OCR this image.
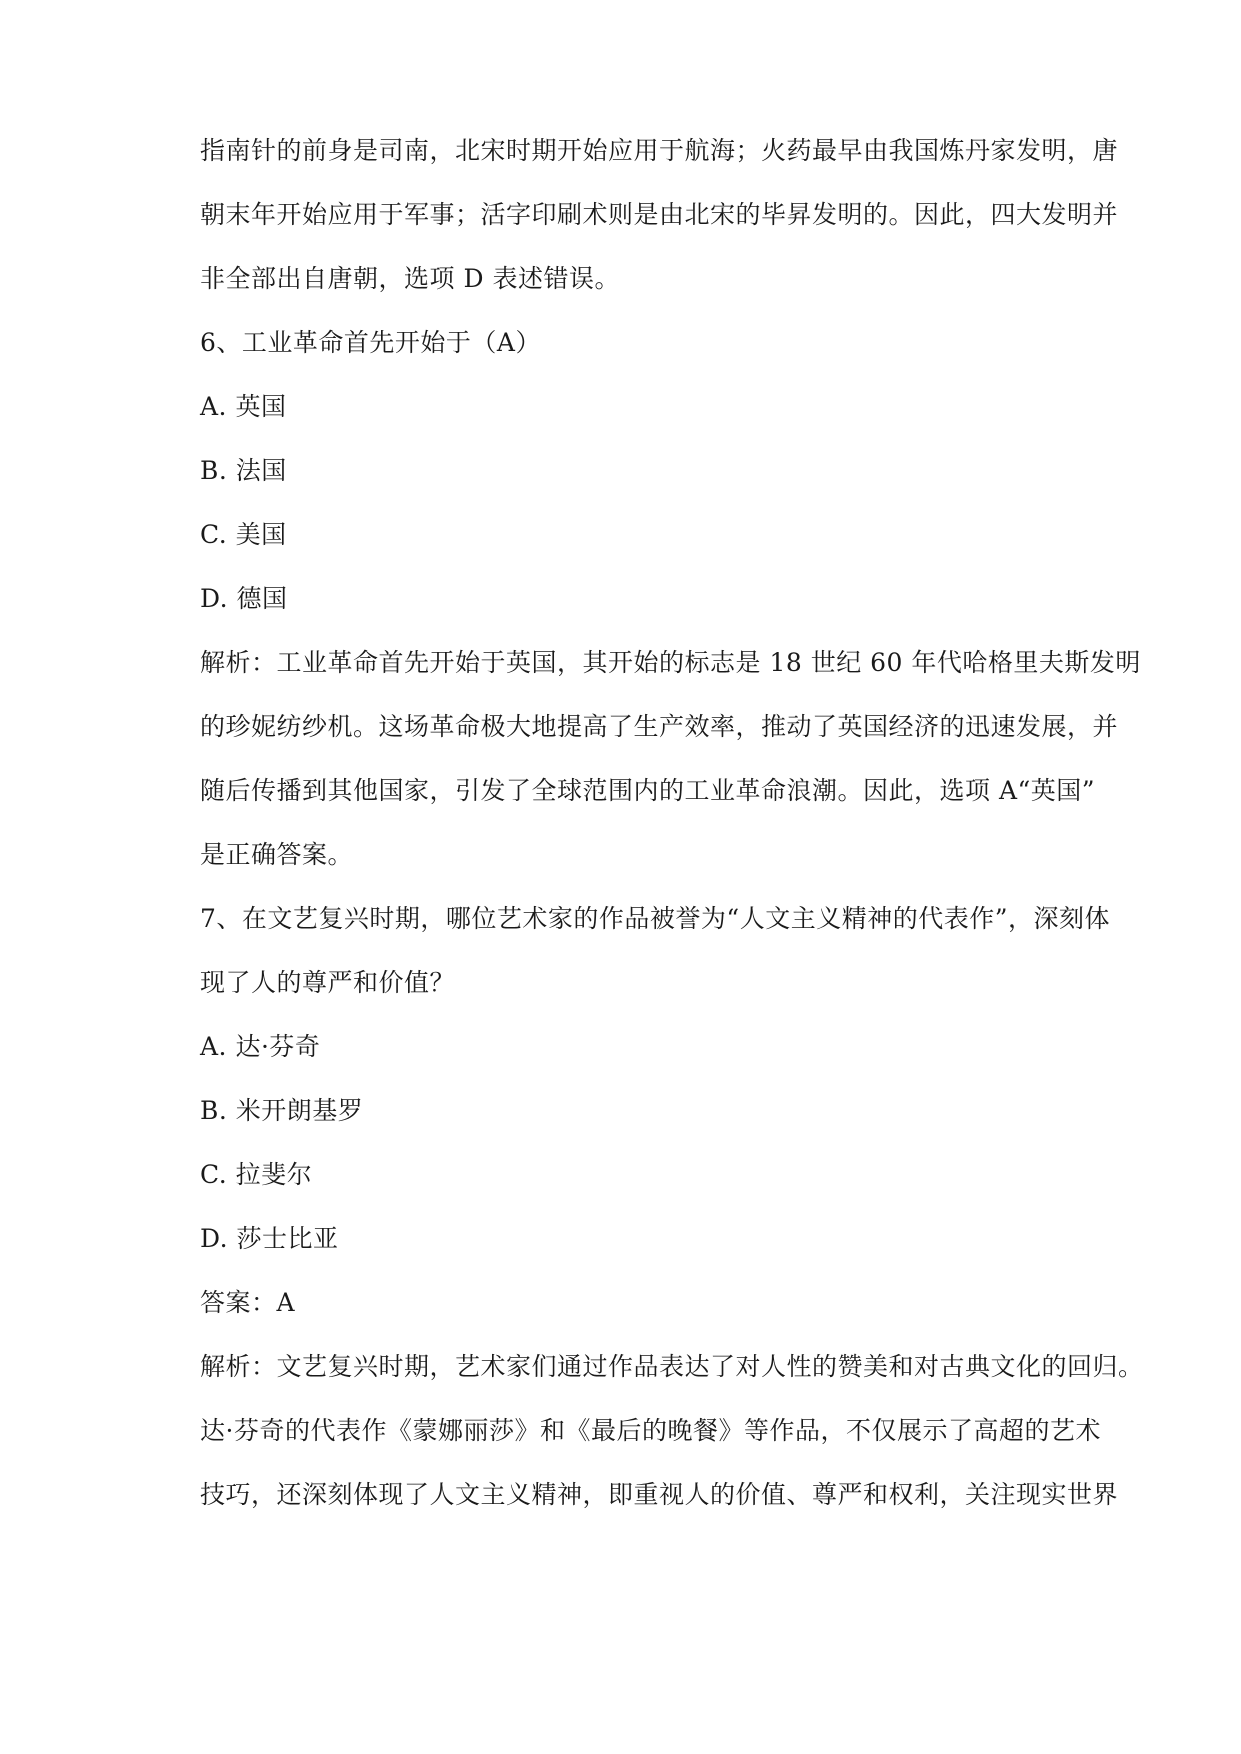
指南针的前身是司南，北宋时期开始应用于航海；火药最早由我国炼丹家发明，唐
朝末年开始应用于军事；活字印刷术则是由北宋的毕昇发明的。因此，四大发明并
非全部出自唐朝，选项 D 表述错误。
6、工业革命首先开始于（A）
A. 英国
B. 法国
C. 美国
D. 德国
解析：工业革命首先开始于英国，其开始的标志是 18 世纪 60 年代哈格里夫斯发明
的珍妮纺纱机。这场革命极大地提高了生产效率，推动了英国经济的迅速发展，并
随后传播到其他国家，引发了全球范围内的工业革命浪潮。因此，选项 A“英国”
是正确答案。
7、在文艺复兴时期，哪位艺术家的作品被誉为“人文主义精神的代表作”，深刻体
现了人的尊严和价值？
A. 达·芬奇
B. 米开朗基罗
C. 拉斐尔
D. 莎士比亚
答案：A
解析：文艺复兴时期，艺术家们通过作品表达了对人性的赞美和对古典文化的回归。
达·芬奇的代表作《蒙娜丽莎》和《最后的晚餐》等作品，不仅展示了高超的艺术
技巧，还深刻体现了人文主义精神，即重视人的价值、尊严和权利，关注现实世界
